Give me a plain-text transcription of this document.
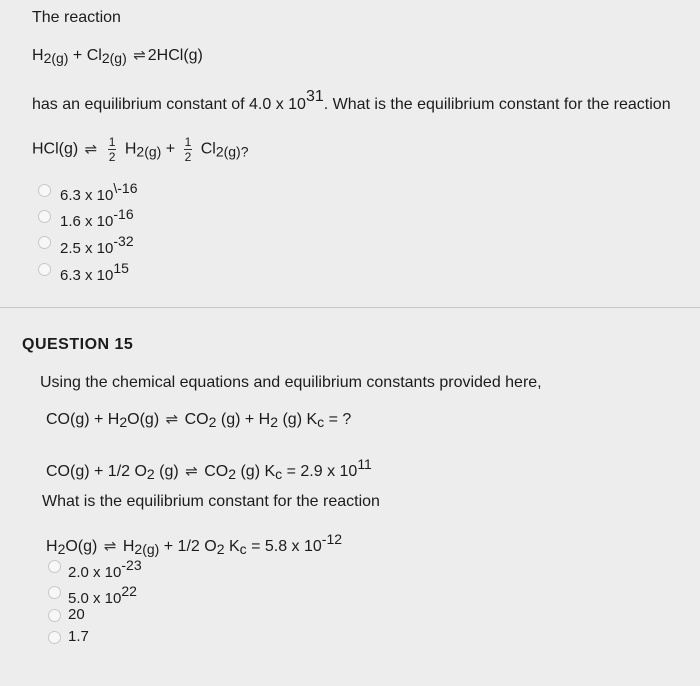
The reaction
$H_{2(g)} + Cl_{2(g)}$ ⇌ 2HCl(g)
has an equilibrium constant of 4.0 x $10^{31}$. What is the equilibrium constant for the reaction
HCl(g) ⇌ $\frac{1}{2} H_{2(g)} + \frac{1}{2} Cl_{2(g)?}$
6.3 x $10^{\backslash-16}$
1.6 x $10^{-16}$
2.5 x $10^{-32}$
6.3 x $10^{15}$
QUESTION 15
Using the chemical equations and equilibrium constants provided here,
$CO(g) + H_2O(g)$ ⇌ $CO_2$ $(g) + H_2$ (g) $K_c$ = ?
CO(g) + 1/2 $O_2$ (g) ⇌ $CO_2$ (g) $K_c = 2.9$ x $10^{11}$
What is the equilibrium constant for the reaction
$H_2O(g)$ ⇌ $H_{2(g)} + 1/2$ $O_2$ $K_c = 5.8$ x $10^{-12}$
2.0 x $10^{-23}$
5.0 x $10^{22}$
20
1.7
